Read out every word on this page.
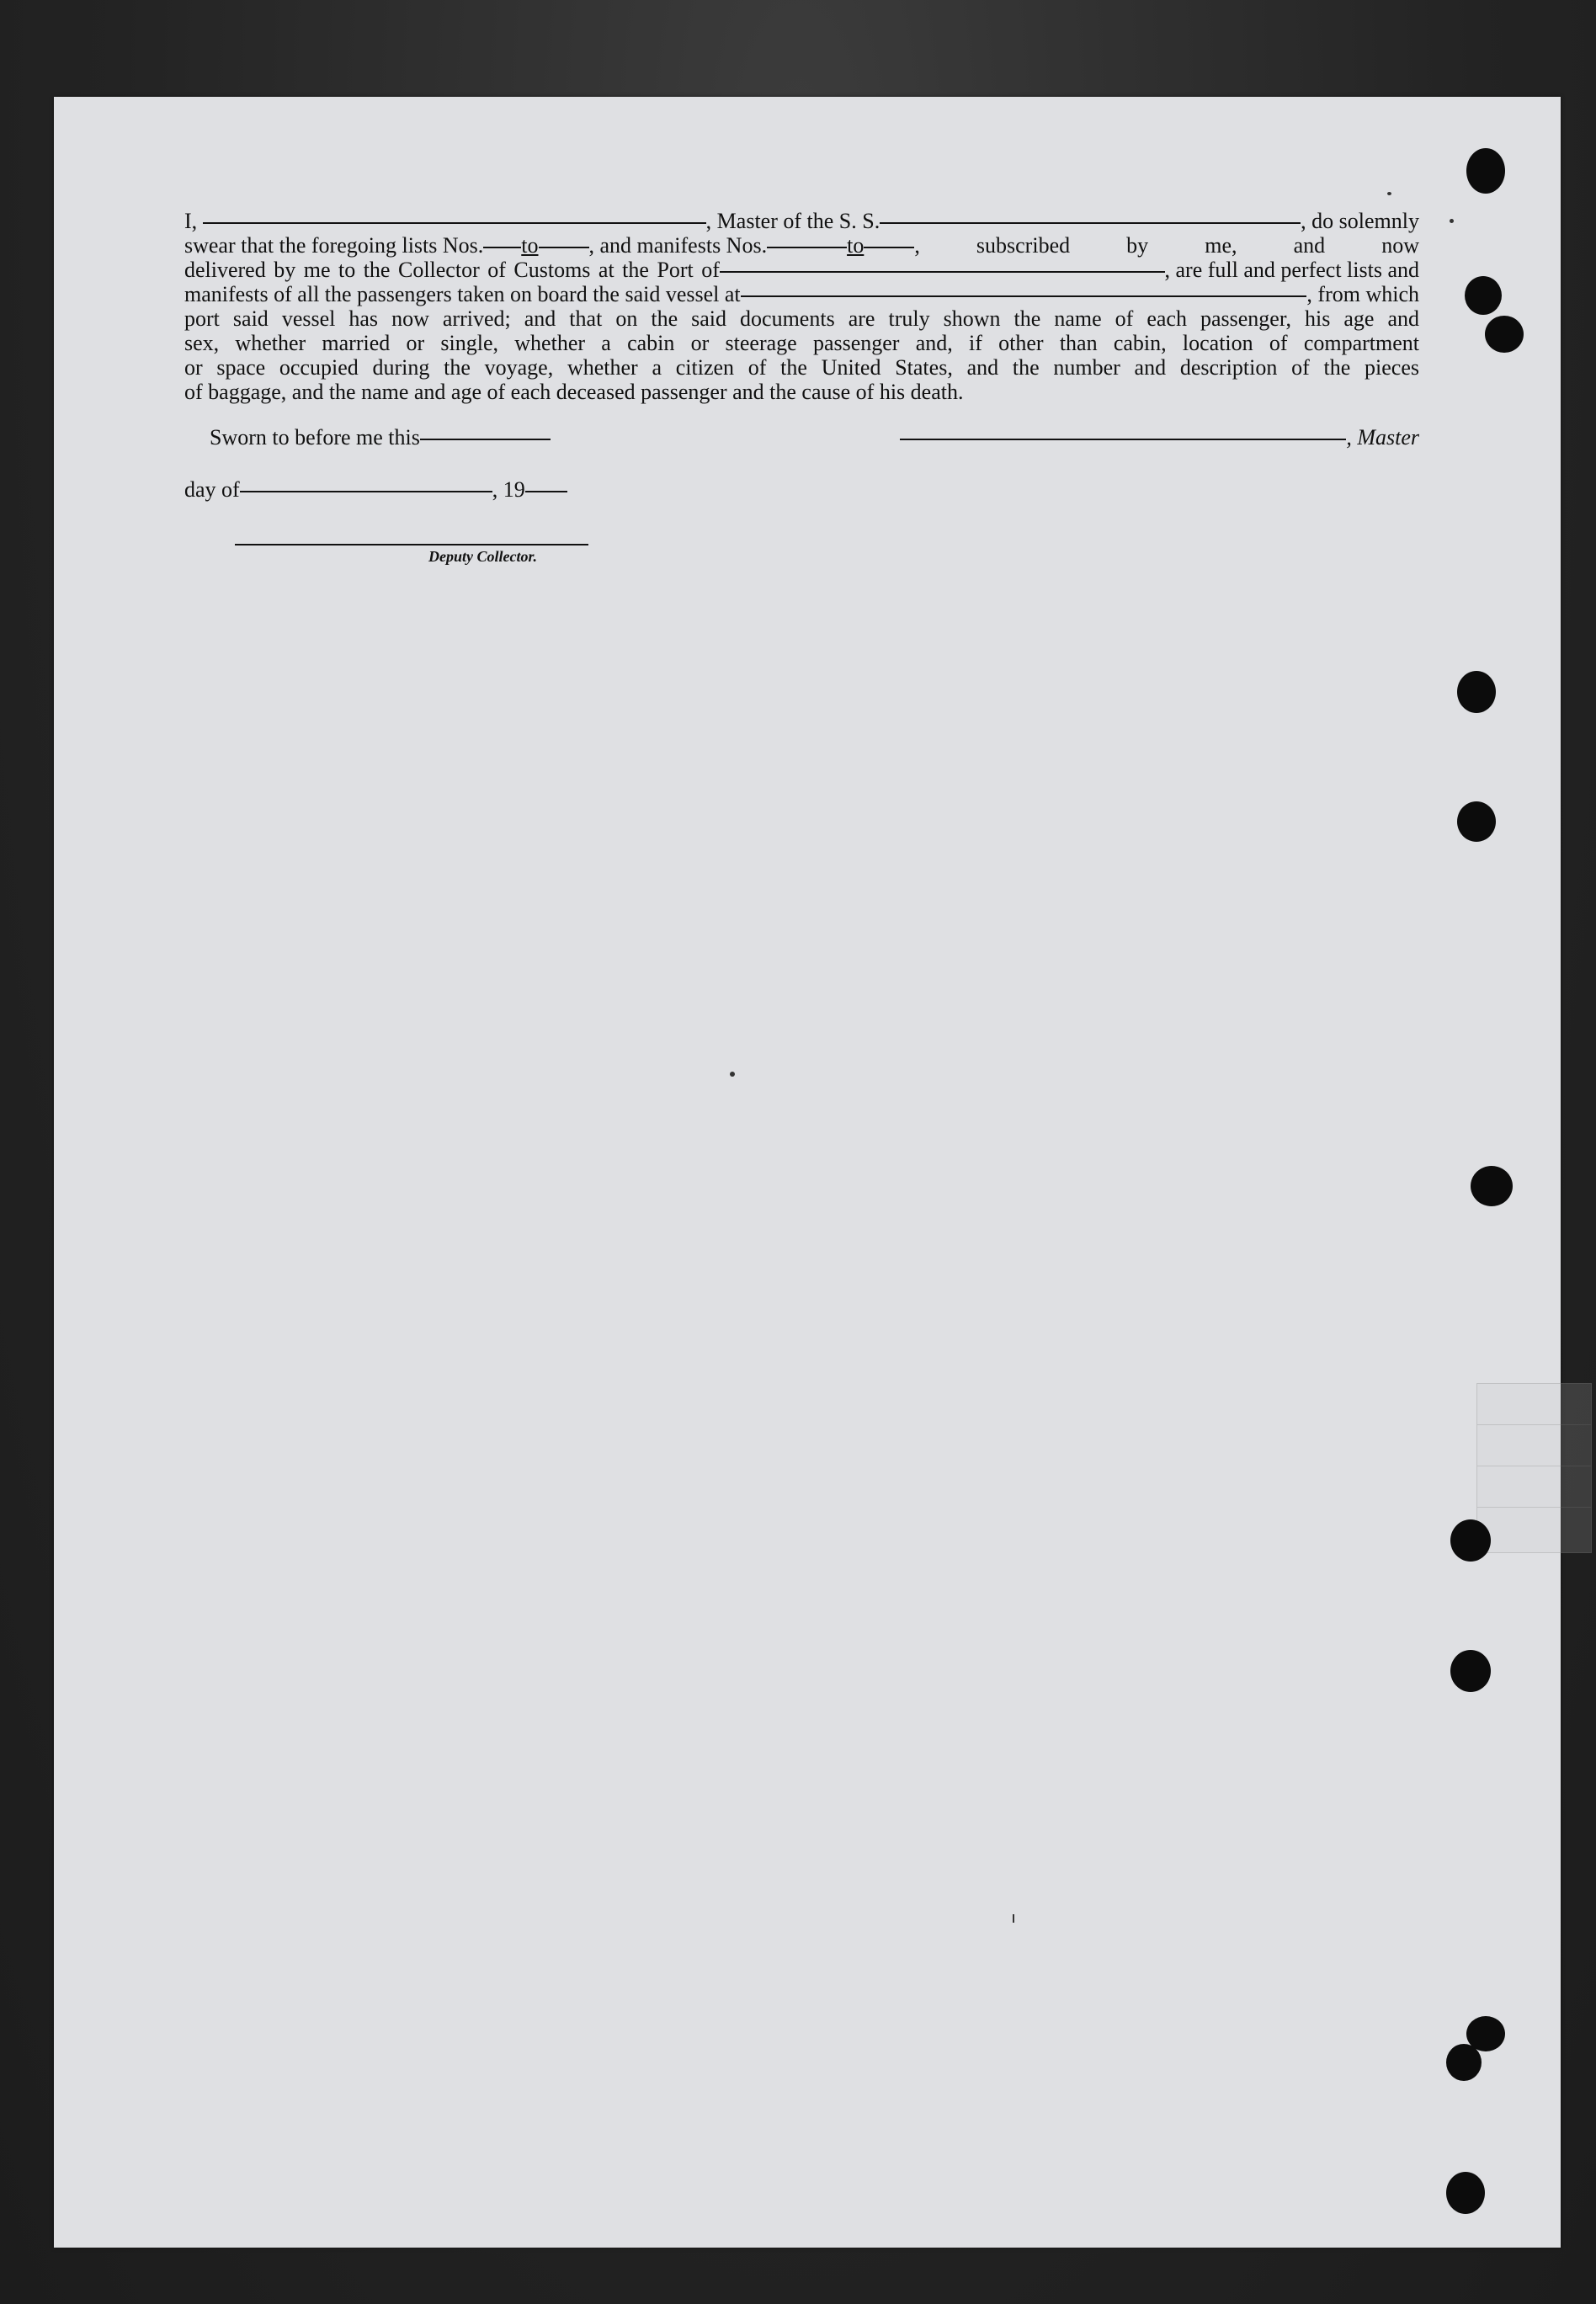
I,	, Master of the S. S.	, do solemnly
swear that the foregoing lists Nos. to , and manifests Nos.	to , subscribed by me, and now
delivered by me to the Collector of Customs at the Port of	, are full and perfect lists and
manifests of all the passengers taken on board the said vessel at	, from which
port said vessel has now arrived; and that on the said documents are truly shown the name of each passenger, his age and
sex, whether married or single, whether a cabin or steerage passenger and, if other than cabin, location of compartment
or space occupied during the voyage, whether a citizen of the United States, and the number and description of the pieces
of baggage, and the name and age of each deceased passenger and the cause of his death.
Sworn to before me this	, Master
day of	, 19
Deputy Collector.
